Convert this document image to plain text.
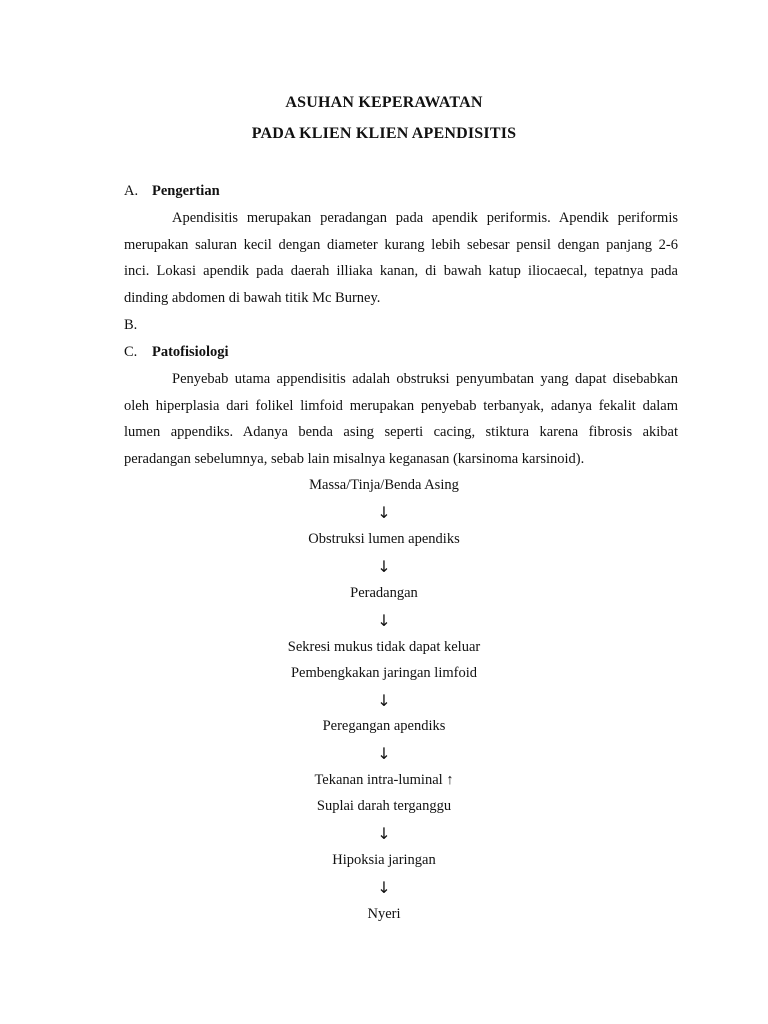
ASUHAN KEPERAWATAN
PADA KLIEN KLIEN APENDISITIS
A. Pengertian
Apendisitis merupakan peradangan pada apendik periformis. Apendik periformis
merupakan saluran kecil dengan diameter kurang lebih sebesar pensil dengan panjang 2-6
inci. Lokasi apendik pada daerah illiaka kanan, di bawah katup iliocaecal, tepatnya pada
dinding abdomen di bawah titik Mc Burney.
B.
C. Patofisiologi
Penyebab utama appendisitis adalah obstruksi penyumbatan yang dapat disebabkan
oleh hiperplasia dari folikel limfoid merupakan penyebab terbanyak, adanya fekalit dalam
lumen appendiks. Adanya benda asing seperti cacing, stiktura karena fibrosis akibat
peradangan sebelumnya, sebab lain misalnya keganasan (karsinoma karsinoid).
Massa/Tinja/Benda Asing
↓
Obstruksi lumen apendiks
↓
Peradangan
↓
Sekresi mukus tidak dapat keluar
Pembengkakan jaringan limfoid
↓
Peregangan apendiks
↓
Tekanan intra-luminal ↑
Suplai darah terganggu
↓
Hipoksia jaringan
↓
Nyeri
